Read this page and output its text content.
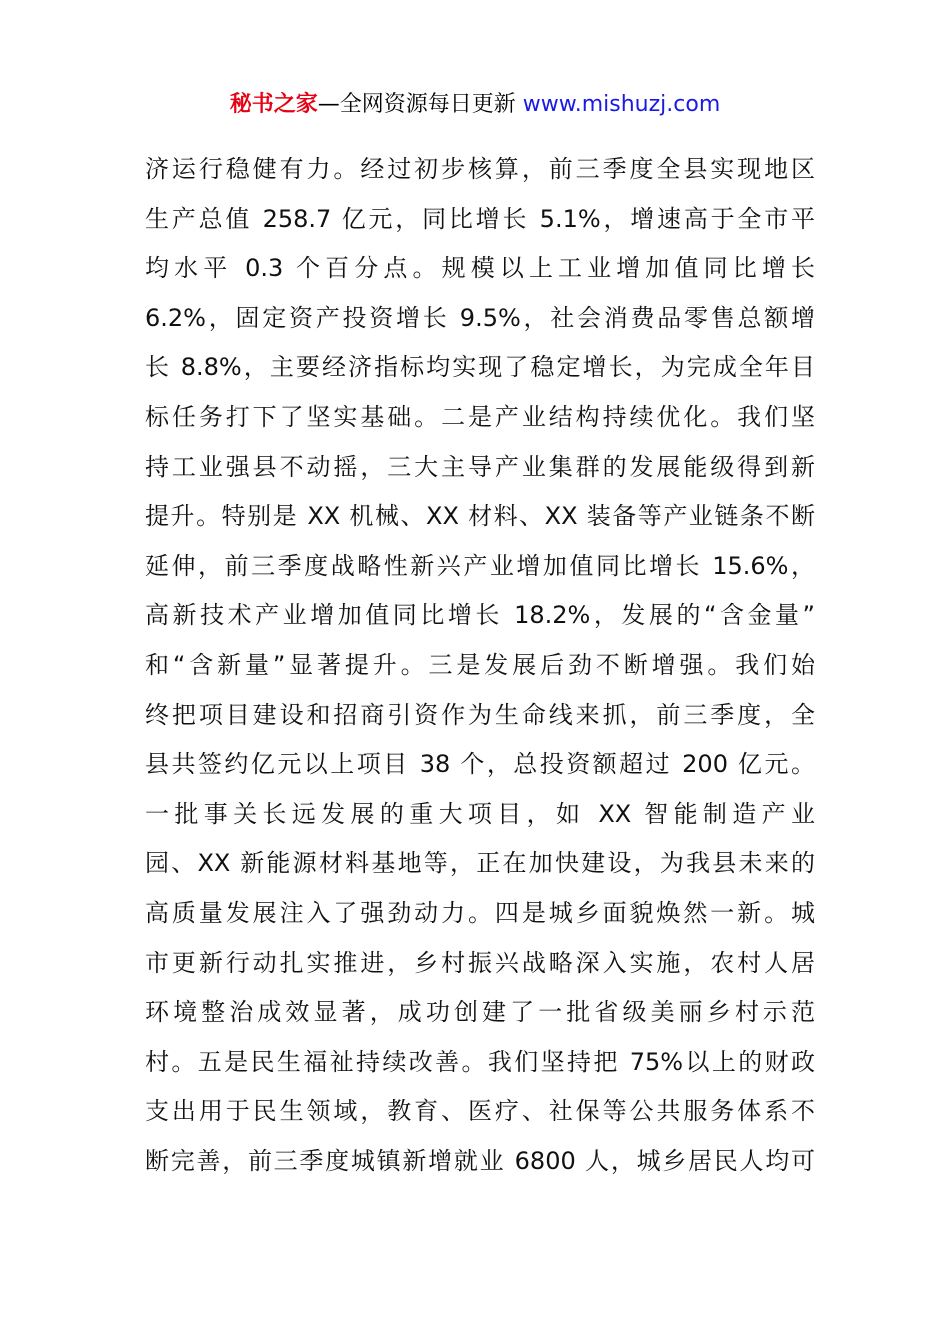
秘书之家—全网资源每日更新 www.mishuzj.com
济运行稳健有力。经过初步核算，前三季度全县实现地区
生产总值 258.7 亿元，同比增长 5.1%，增速高于全市平
均水平 0.3 个百分点。规模以上工业增加值同比增长
6.2%，固定资产投资增长 9.5%，社会消费品零售总额增
长 8.8%，主要经济指标均实现了稳定增长，为完成全年目
标任务打下了坚实基础。二是产业结构持续优化。我们坚
持工业强县不动摇，三大主导产业集群的发展能级得到新
提升。特别是 XX 机械、XX 材料、XX 装备等产业链条不断
延伸，前三季度战略性新兴产业增加值同比增长 15.6%，
高新技术产业增加值同比增长 18.2%，发展的“含金量”
和“含新量”显著提升。三是发展后劲不断增强。我们始
终把项目建设和招商引资作为生命线来抓，前三季度，全
县共签约亿元以上项目 38 个，总投资额超过 200 亿元。
一批事关长远发展的重大项目，如 XX 智能制造产业
园、XX 新能源材料基地等，正在加快建设，为我县未来的
高质量发展注入了强劲动力。四是城乡面貌焕然一新。城
市更新行动扎实推进，乡村振兴战略深入实施，农村人居
环境整治成效显著，成功创建了一批省级美丽乡村示范
村。五是民生福祉持续改善。我们坚持把 75%以上的财政
支出用于民生领域，教育、医疗、社保等公共服务体系不
断完善，前三季度城镇新增就业 6800 人，城乡居民人均可
